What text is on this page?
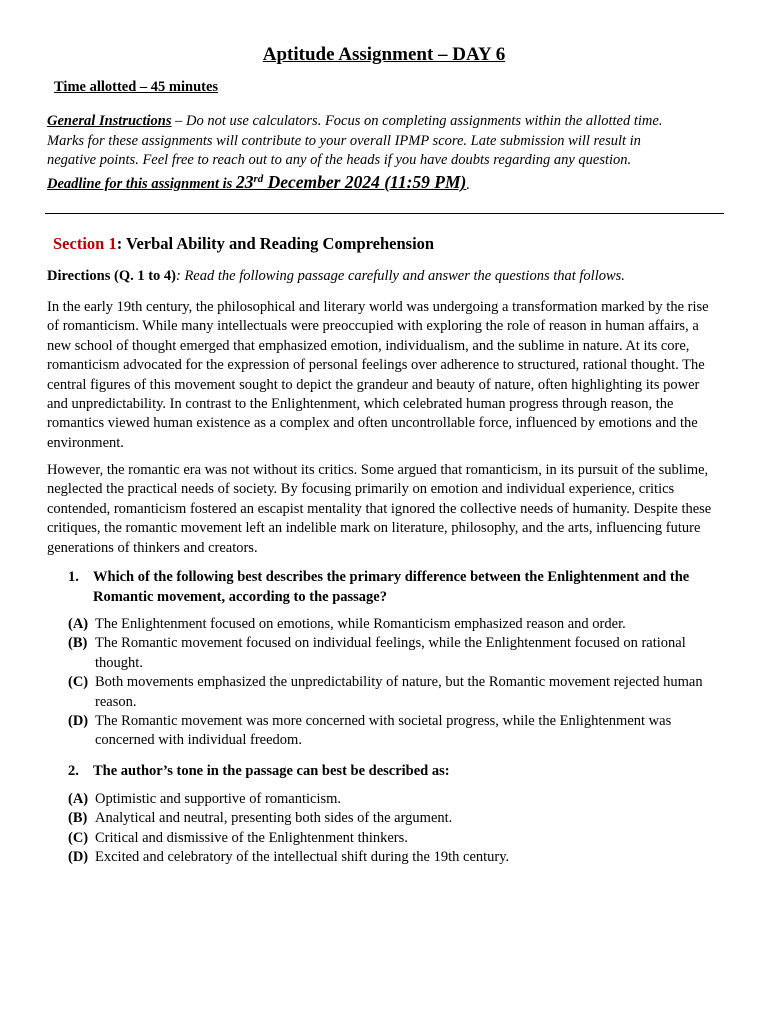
Aptitude Assignment – DAY 6
Time allotted – 45 minutes
General Instructions – Do not use calculators. Focus on completing assignments within the allotted time. Marks for these assignments will contribute to your overall IPMP score. Late submission will result in negative points. Feel free to reach out to any of the heads if you have doubts regarding any question. Deadline for this assignment is 23rd December 2024 (11:59 PM).
Section 1: Verbal Ability and Reading Comprehension
Directions (Q. 1 to 4): Read the following passage carefully and answer the questions that follows.
In the early 19th century, the philosophical and literary world was undergoing a transformation marked by the rise of romanticism. While many intellectuals were preoccupied with exploring the role of reason in human affairs, a new school of thought emerged that emphasized emotion, individualism, and the sublime in nature. At its core, romanticism advocated for the expression of personal feelings over adherence to structured, rational thought. The central figures of this movement sought to depict the grandeur and beauty of nature, often highlighting its power and unpredictability. In contrast to the Enlightenment, which celebrated human progress through reason, the romantics viewed human existence as a complex and often uncontrollable force, influenced by emotions and the environment.
However, the romantic era was not without its critics. Some argued that romanticism, in its pursuit of the sublime, neglected the practical needs of society. By focusing primarily on emotion and individual experience, critics contended, romanticism fostered an escapist mentality that ignored the collective needs of humanity. Despite these critiques, the romantic movement left an indelible mark on literature, philosophy, and the arts, influencing future generations of thinkers and creators.
1. Which of the following best describes the primary difference between the Enlightenment and the Romantic movement, according to the passage?
(A) The Enlightenment focused on emotions, while Romanticism emphasized reason and order.
(B) The Romantic movement focused on individual feelings, while the Enlightenment focused on rational thought.
(C) Both movements emphasized the unpredictability of nature, but the Romantic movement rejected human reason.
(D) The Romantic movement was more concerned with societal progress, while the Enlightenment was concerned with individual freedom.
2. The author’s tone in the passage can best be described as:
(A) Optimistic and supportive of romanticism.
(B) Analytical and neutral, presenting both sides of the argument.
(C) Critical and dismissive of the Enlightenment thinkers.
(D) Excited and celebratory of the intellectual shift during the 19th century.
